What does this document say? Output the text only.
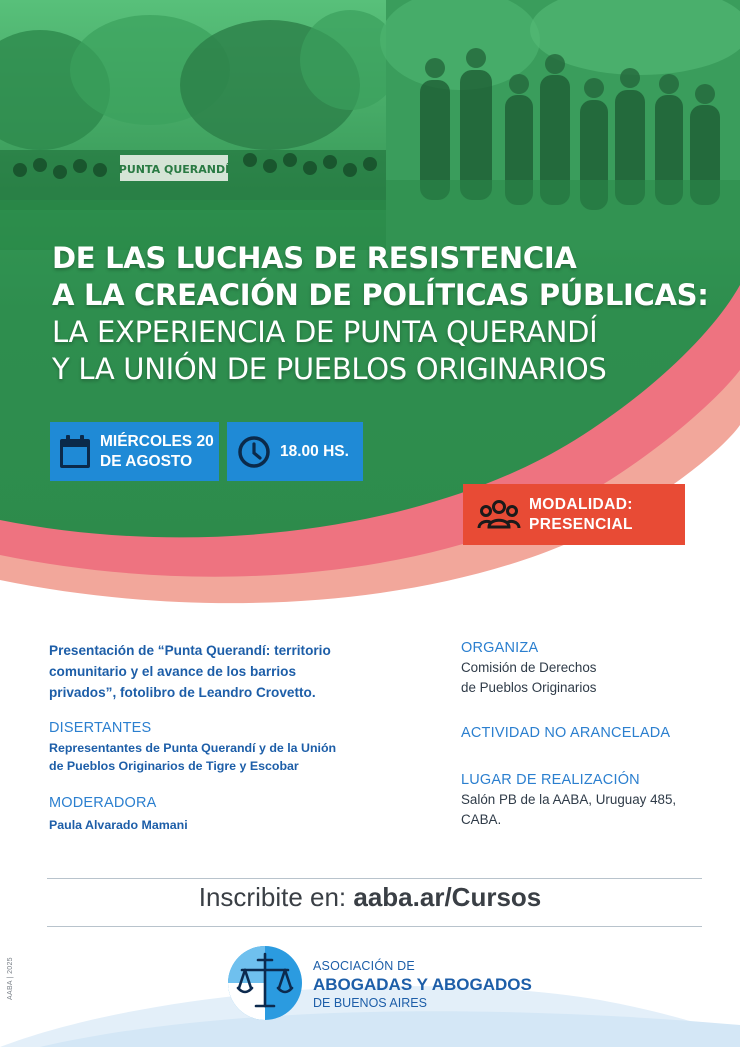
PUNTA QUERANDÍ
DE LAS LUCHAS DE RESISTENCIA
A LA CREACIÓN DE POLÍTICAS PÚBLICAS:
LA EXPERIENCIA DE PUNTA QUERANDÍ
Y LA UNIÓN DE PUEBLOS ORIGINARIOS
MIÉRCOLES 20
DE AGOSTO
18.00 HS.
MODALIDAD:
PRESENCIAL
Presentación de “Punta Querandí: territorio
comunitario y el avance de los barrios
privados”, fotolibro de Leandro Crovetto.
DISERTANTES
Representantes de Punta Querandí y de la Unión
de Pueblos Originarios de Tigre y Escobar
MODERADORA
Paula Alvarado Mamani
ORGANIZA
Comisión de Derechos
de Pueblos Originarios
ACTIVIDAD NO ARANCELADA
LUGAR DE REALIZACIÓN
Salón PB de la AABA, Uruguay 485,
CABA.
Inscribite en: aaba.ar/Cursos
ASOCIACIÓN DE
ABOGADAS Y ABOGADOS
DE BUENOS AIRES
AABA | 2025
